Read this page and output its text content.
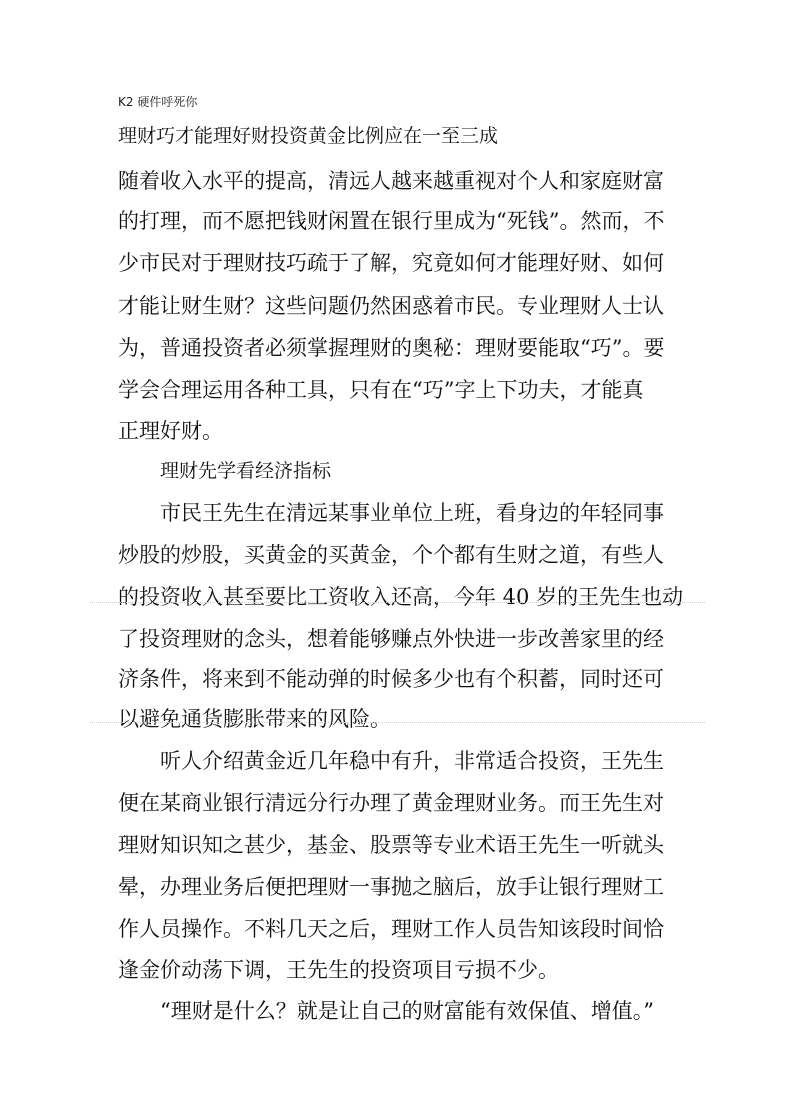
K2 硬件呼死你
理财巧才能理好财投资黄金比例应在一至三成
随着收入水平的提高，清远人越来越重视对个人和家庭财富
的打理，而不愿把钱财闲置在银行里成为“死钱”。然而，不
少市民对于理财技巧疏于了解，究竟如何才能理好财、如何
才能让财生财？这些问题仍然困惑着市民。专业理财人士认
为，普通投资者必须掌握理财的奥秘：理财要能取“巧”。要
学会合理运用各种工具，只有在“巧”字上下功夫，才能真
正理好财。
理财先学看经济指标
市民王先生在清远某事业单位上班，看身边的年轻同事
炒股的炒股，买黄金的买黄金，个个都有生财之道，有些人
的投资收入甚至要比工资收入还高，今年 40 岁的王先生也动
了投资理财的念头，想着能够赚点外快进一步改善家里的经
济条件，将来到不能动弹的时候多少也有个积蓄，同时还可
以避免通货膨胀带来的风险。
听人介绍黄金近几年稳中有升，非常适合投资，王先生
便在某商业银行清远分行办理了黄金理财业务。而王先生对
理财知识知之甚少，基金、股票等专业术语王先生一听就头
晕，办理业务后便把理财一事抛之脑后，放手让银行理财工
作人员操作。不料几天之后，理财工作人员告知该段时间恰
逢金价动荡下调，王先生的投资项目亏损不少。
“理财是什么？就是让自己的财富能有效保值、增值。”
